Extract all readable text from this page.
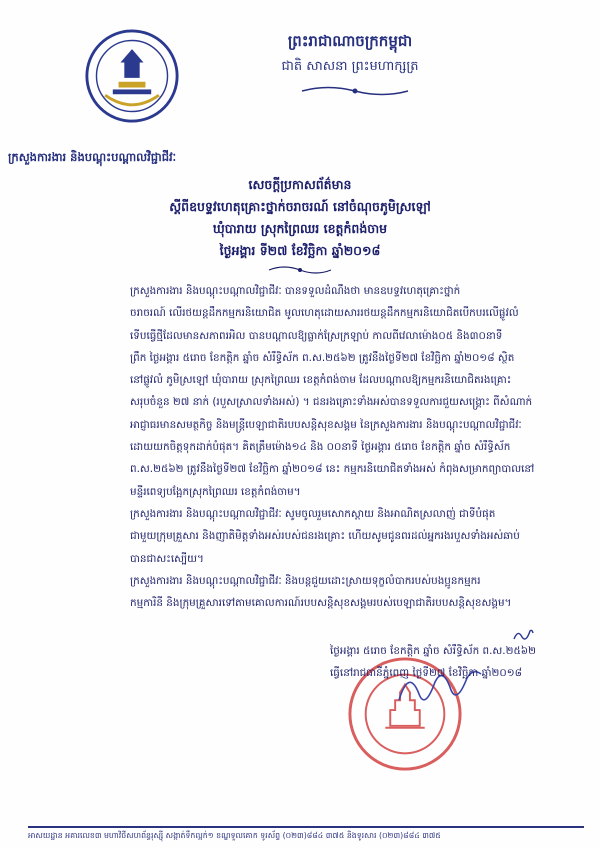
ព្រះរាជាណាចក្រកម្ពុជា
ជាតិ សាសនា ព្រះមហាក្សត្រ
ក្រសួងការងារ និងបណ្តុះបណ្តាលវិជ្ជាជីវៈ
សេចក្តីប្រកាសព័ត៌មាន
ស្តីពីឧបទ្ទវហេតុគ្រោះថ្នាក់ចរាចរណ៍ នៅចំណុចភូមិស្រឡៅ
ឃុំបារាយ ស្រុកព្រៃឈរ ខេត្តកំពង់ចាម
ថ្ងៃអង្គារ ទី២៧ ខែវិច្ឆិកា ឆ្នាំ២០១៨
ក្រសួងការងារ និងបណ្តុះបណ្តាលវិជ្ជាជីវៈ បានទទួលដំណឹងថា មានឧបទ្ទវហេតុគ្រោះថ្នាក់
ចរាចរណ៍ លើរថយន្តដឹកកម្មករនិយោជិត មូលហេតុដោយសាររថយន្តដឹកកម្មករនិយោជិតបើកបរលើផ្លូវលំ
ទើបធ្វើថ្មីដែលមានសភាពរអិល បានបណ្តាលឱ្យធ្លាក់ស្រែក្រឡាប់ កាលពីវេលាម៉ោង០៥ និង៣០នាទី
ព្រឹក ថ្ងៃអង្គារ ៥រោច ខែកត្តិក ឆ្នាំច សំរឹទ្ធិស័ក ព.ស.២៥៦២ ត្រូវនឹងថ្ងៃទី២៧ ខែវិច្ឆិកា ឆ្នាំ២០១៨ ស្ថិត
នៅផ្លូវលំ ភូមិស្រឡៅ ឃុំបារាយ ស្រុកព្រៃឈរ ខេត្តកំពង់ចាម ដែលបណ្តាលឱ្យកម្មករនិយោជិតរងគ្រោះ
សរុបចំនួន ២៧ នាក់ (របួសស្រាលទាំងអស់) ។ ជនរងគ្រោះទាំងអស់បានទទួលការជួយសង្គ្រោះ ពីសំណាក់
អាជ្ញាធរមានសមត្ថកិច្ច និងមន្ត្រីបេឡាជាតិរបបសន្តិសុខសង្គម នៃក្រសួងការងារ និងបណ្តុះបណ្តាលវិជ្ជាជីវៈ
ដោយយកចិត្តទុកដាក់បំផុត។ គិតត្រឹមម៉ោង១៤ និង ០០នាទី ថ្ងៃអង្គារ ៥រោច ខែកត្តិក ឆ្នាំច សំរឹទ្ធិស័ក
ព.ស.២៥៦២ ត្រូវនឹងថ្ងៃទី២៧ ខែវិច្ឆិកា ឆ្នាំ២០១៨ នេះ កម្មករនិយោជិតទាំងអស់ កំពុងសម្រាកព្យាបាលនៅ
មន្ទីរពេទ្យបង្អែកស្រុកព្រៃឈរ ខេត្តកំពង់ចាម។
ក្រសួងការងារ និងបណ្តុះបណ្តាលវិជ្ជាជីវៈ សូមចូលរួមសោកស្តាយ និងអាណិតស្រលាញ់ ជាទីបំផុត
ជាមួយក្រុមគ្រួសារ និងញាតិមិត្តទាំងអស់របស់ជនរងគ្រោះ ហើយសូមជូនពរដល់អ្នករងរបួសទាំងអស់ឆាប់
បានជាសះស្បើយ។
ក្រសួងការងារ និងបណ្តុះបណ្តាលវិជ្ជាជីវៈ និងបន្តជួយដោះស្រាយទុក្ខលំបាករបស់បងប្អូនកម្មករ
កម្មការិនី និងក្រុមគ្រួសារទៅតាមគោលការណ៍របបសន្តិសុខសង្គមរបស់បេឡាជាតិរបបសន្តិសុខសង្គម។
ថ្ងៃអង្គារ ៥រោច ខែកត្តិក ឆ្នាំច សំរឹទ្ធិស័ក ព.ស.២៥៦២
ធ្វើនៅរាជធានីភ្នំពេញ ថ្ងៃទី២៧ ខែវិច្ឆិកា ឆ្នាំ២០១៨
អាសយដ្ឋាន អគារលេខ៣ មហាវិថីសហព័ន្ធរុស្ស៊ី សង្កាត់ទឹកល្អក់១ ខណ្ឌទួលគោក ទូរស័ព្ទ (០២៣)៨៨៤ ៣៧៥ និងទូរសារ (០២៣)៨៨៤ ៣៧៥
